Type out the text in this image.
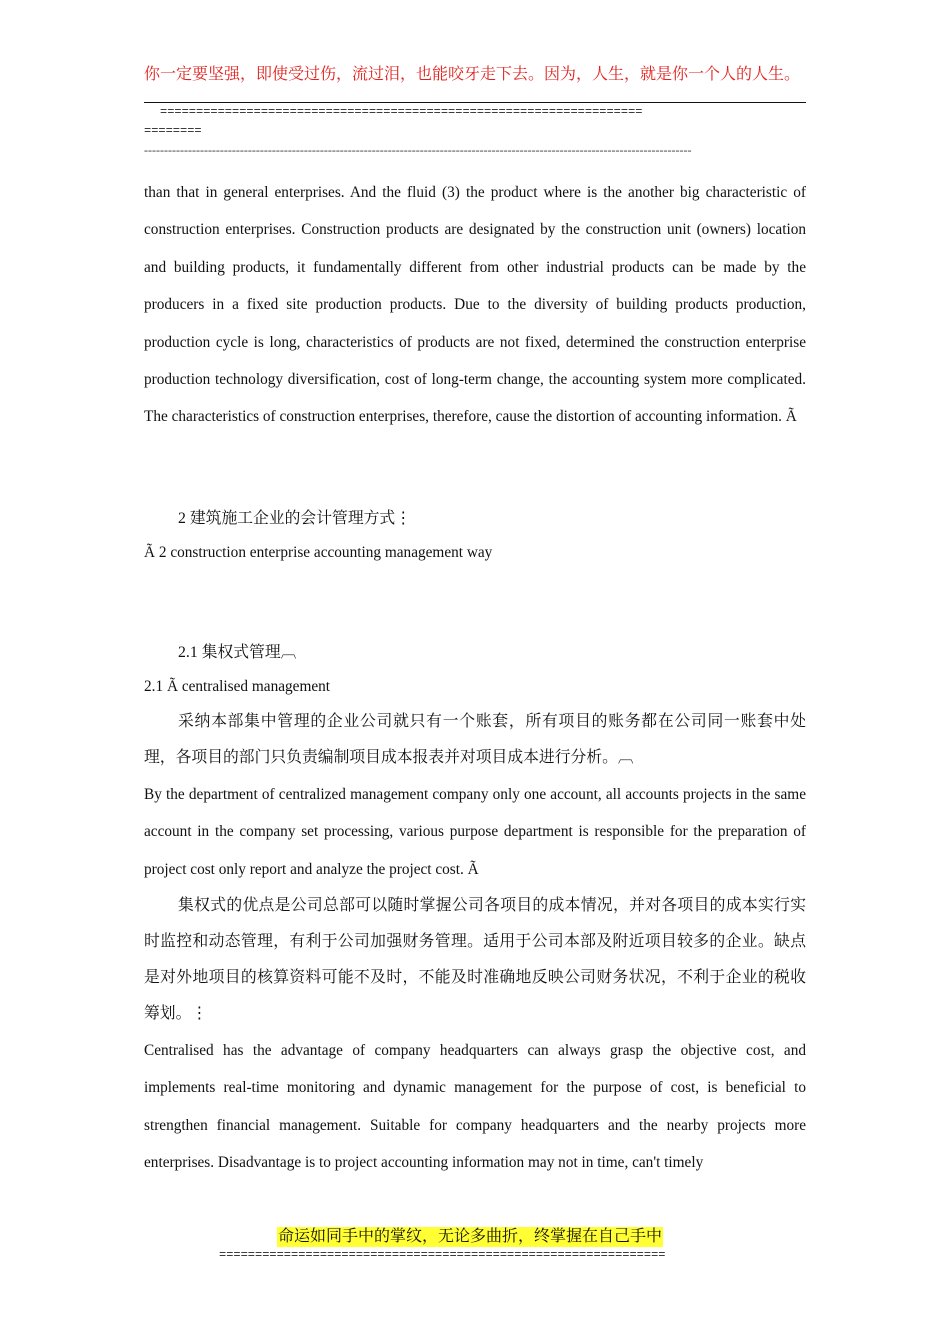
你一定要坚强，即使受过伤，流过泪，也能咬牙走下去。因为，人生，就是你一个人的人生。
===================================================================
========
-----------------------------------------------------------------------------------------------------------------------------------------

than that in general enterprises. And the fluid (3) the product where is the another big characteristic of construction enterprises. Construction products are designated by the construction unit (owners) location and building products, it fundamentally different from other industrial products can be made by the producers in a fixed site production products. Due to the diversity of building products production, production cycle is long, characteristics of products are not fixed, determined the construction enterprise production technology diversification, cost of long-term change, the accounting system more complicated. The characteristics of construction enterprises, therefore, cause the distortion of accounting information. Ã

2 建筑施工企业的会计管理方式⋮

Ã 2 construction enterprise accounting management way

2.1 集权式管理︹

2.1 Ã centralised management

采纳本部集中管理的企业公司就只有一个账套，所有项目的账务都在公司同一账套中处理，各项目的部门只负责编制项目成本报表并对项目成本进行分析。︹

By the department of centralized management company only one account, all accounts projects in the same account in the company set processing, various purpose department is responsible for the preparation of project cost only report and analyze the project cost. Ã

集权式的优点是公司总部可以随时掌握公司各项目的成本情况，并对各项目的成本实行实时监控和动态管理，有利于公司加强财务管理。适用于公司本部及附近项目较多的企业。缺点是对外地项目的核算资料可能不及时，不能及时准确地反映公司财务状况，不利于企业的税收筹划。⋮

Centralised has the advantage of company headquarters can always grasp the objective cost, and implements real-time monitoring and dynamic management for the purpose of cost, is beneficial to strengthen financial management. Suitable for company headquarters and the nearby projects more enterprises. Disadvantage is to project accounting information may not in time, can't timely

命运如同手中的掌纹，无论多曲折，终掌握在自己手中
==============================================================
